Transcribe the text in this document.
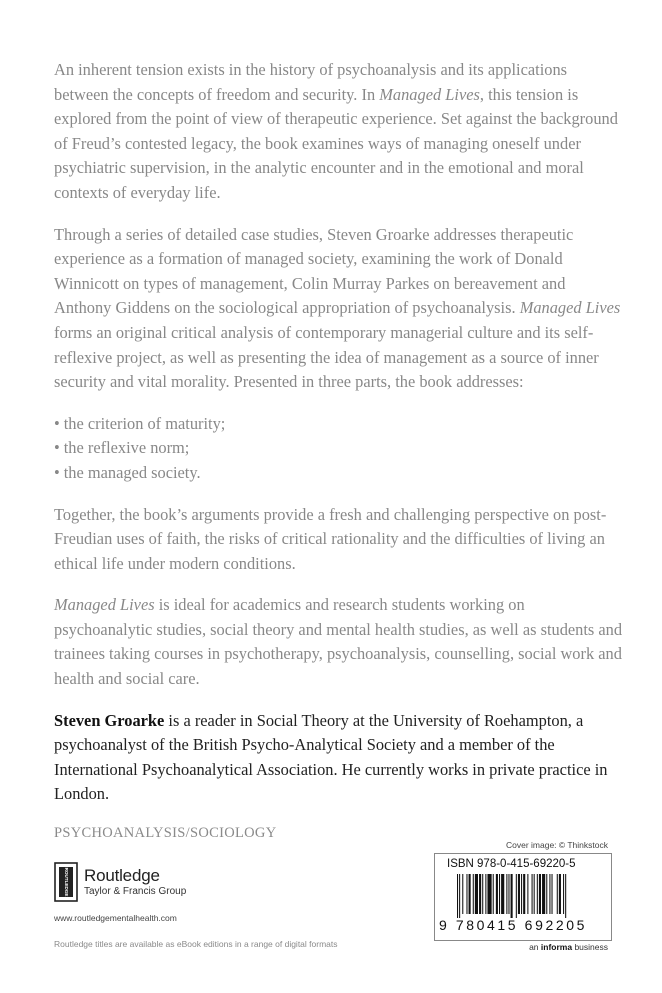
An inherent tension exists in the history of psychoanalysis and its applications between the concepts of freedom and security. In Managed Lives, this tension is explored from the point of view of therapeutic experience. Set against the background of Freud’s contested legacy, the book examines ways of managing oneself under psychiatric supervision, in the analytic encounter and in the emotional and moral contexts of everyday life.

Through a series of detailed case studies, Steven Groarke addresses therapeutic experience as a formation of managed society, examining the work of Donald Winnicott on types of management, Colin Murray Parkes on bereavement and Anthony Giddens on the sociological appropriation of psychoanalysis. Managed Lives forms an original critical analysis of contemporary managerial culture and its self-reflexive project, as well as presenting the idea of management as a source of inner security and vital morality. Presented in three parts, the book addresses:

• the criterion of maturity;
• the reflexive norm;
• the managed society.

Together, the book’s arguments provide a fresh and challenging perspective on post-Freudian uses of faith, the risks of critical rationality and the difficulties of living an ethical life under modern conditions.

Managed Lives is ideal for academics and research students working on psychoanalytic studies, social theory and mental health studies, as well as students and trainees taking courses in psychotherapy, psychoanalysis, counselling, social work and health and social care.

Steven Groarke is a reader in Social Theory at the University of Roehampton, a psychoanalyst of the British Psycho-Analytical Society and a member of the International Psychoanalytical Association. He currently works in private practice in London.

PSYCHOANALYSIS/SOCIOLOGY
ROUTLEDGE Routledge
Taylor & Francis Group
www.routledgementalhealth.com
Routledge titles are available as eBook editions in a range of digital formats
Cover image: © Thinkstock
ISBN 978-0-415-69220-5
9 780415 692205
an informa business
